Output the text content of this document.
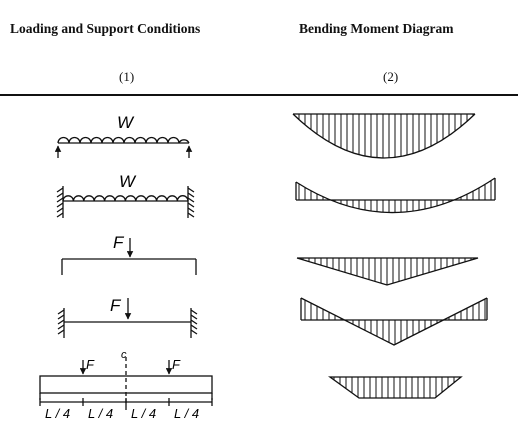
Loading and Support Conditions	Bending Moment Diagram
(1)	(2)
W
W
F
F
c
F	F
L / 4 L / 4 L / 4 L / 4
